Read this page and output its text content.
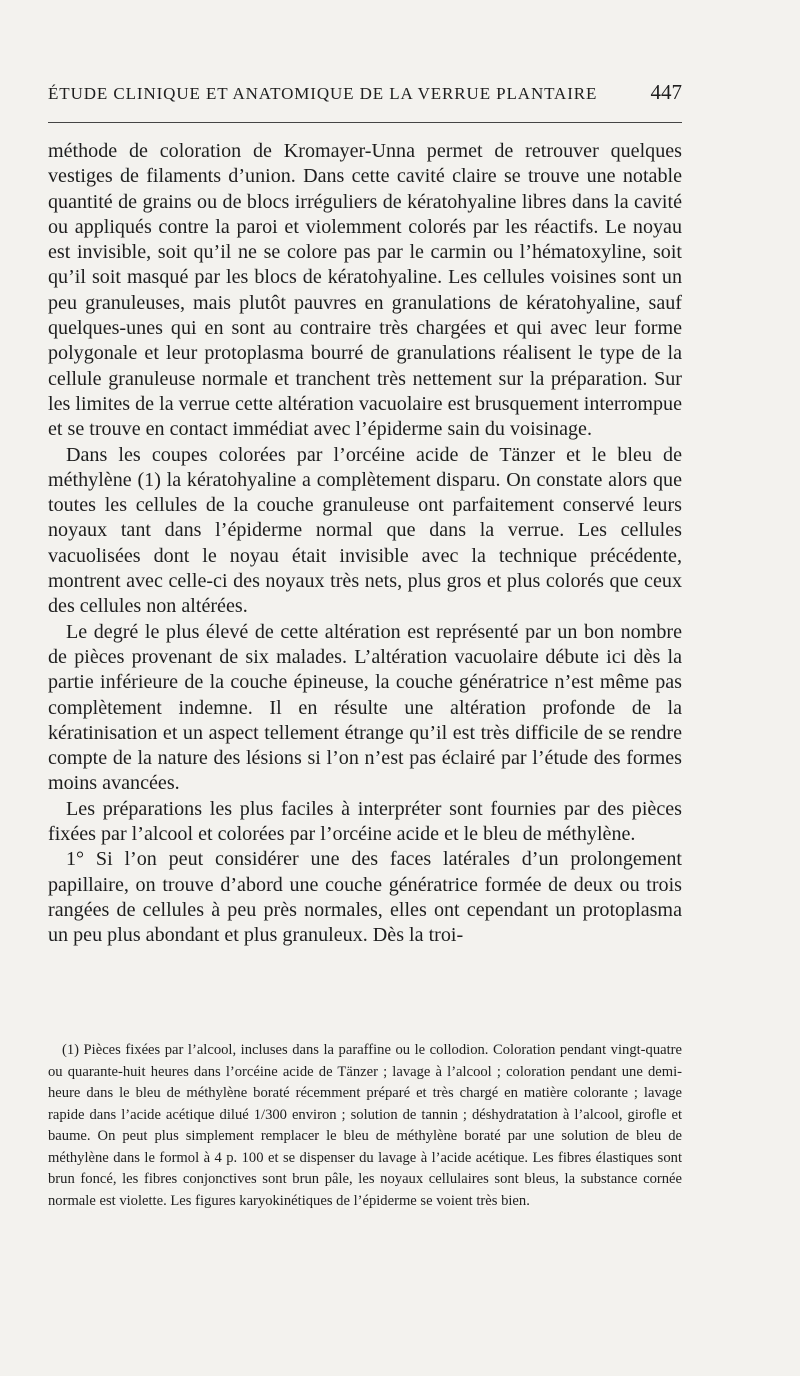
ÉTUDE CLINIQUE ET ANATOMIQUE DE LA VERRUE PLANTAIRE	447

méthode de coloration de Kromayer-Unna permet de retrouver quelques vestiges de filaments d’union. Dans cette cavité claire se trouve une notable quantité de grains ou de blocs irréguliers de kératohyaline libres dans la cavité ou appliqués contre la paroi et violemment colorés par les réactifs. Le noyau est invisible, soit qu’il ne se colore pas par le carmin ou l’hématoxyline, soit qu’il soit masqué par les blocs de kératohyaline. Les cellules voisines sont un peu granuleuses, mais plutôt pauvres en granulations de kératohyaline, sauf quelques-unes qui en sont au contraire très chargées et qui avec leur forme polygonale et leur protoplasma bourré de granulations réalisent le type de la cellule granuleuse normale et tranchent très nettement sur la préparation. Sur les limites de la verrue cette altération vacuolaire est brusquement interrompue et se trouve en contact immédiat avec l’épiderme sain du voisinage.

Dans les coupes colorées par l’orcéine acide de Tänzer et le bleu de méthylène (1) la kératohyaline a complètement disparu. On constate alors que toutes les cellules de la couche granuleuse ont parfaitement conservé leurs noyaux tant dans l’épiderme normal que dans la verrue. Les cellules vacuolisées dont le noyau était invisible avec la technique précédente, montrent avec celle-ci des noyaux très nets, plus gros et plus colorés que ceux des cellules non altérées.

Le degré le plus élevé de cette altération est représenté par un bon nombre de pièces provenant de six malades. L’altération vacuolaire débute ici dès la partie inférieure de la couche épineuse, la couche génératrice n’est même pas complètement indemne. Il en résulte une altération profonde de la kératinisation et un aspect tellement étrange qu’il est très difficile de se rendre compte de la nature des lésions si l’on n’est pas éclairé par l’étude des formes moins avancées.

Les préparations les plus faciles à interpréter sont fournies par des pièces fixées par l’alcool et colorées par l’orcéine acide et le bleu de méthylène.

1° Si l’on peut considérer une des faces latérales d’un prolongement papillaire, on trouve d’abord une couche génératrice formée de deux ou trois rangées de cellules à peu près normales, elles ont cependant un protoplasma un peu plus abondant et plus granuleux. Dès la troi-

(1) Pièces fixées par l’alcool, incluses dans la paraffine ou le collodion. Coloration pendant vingt-quatre ou quarante-huit heures dans l’orcéine acide de Tänzer ; lavage à l’alcool ; coloration pendant une demi-heure dans le bleu de méthylène boraté récemment préparé et très chargé en matière colorante ; lavage rapide dans l’acide acétique dilué 1/300 environ ; solution de tannin ; déshydratation à l’alcool, girofle et baume. On peut plus simplement remplacer le bleu de méthylène boraté par une solution de bleu de méthylène dans le formol à 4 p. 100 et se dispenser du lavage à l’acide acétique. Les fibres élastiques sont brun foncé, les fibres conjonctives sont brun pâle, les noyaux cellulaires sont bleus, la substance cornée normale est violette. Les figures karyokinétiques de l’épiderme se voient très bien.
